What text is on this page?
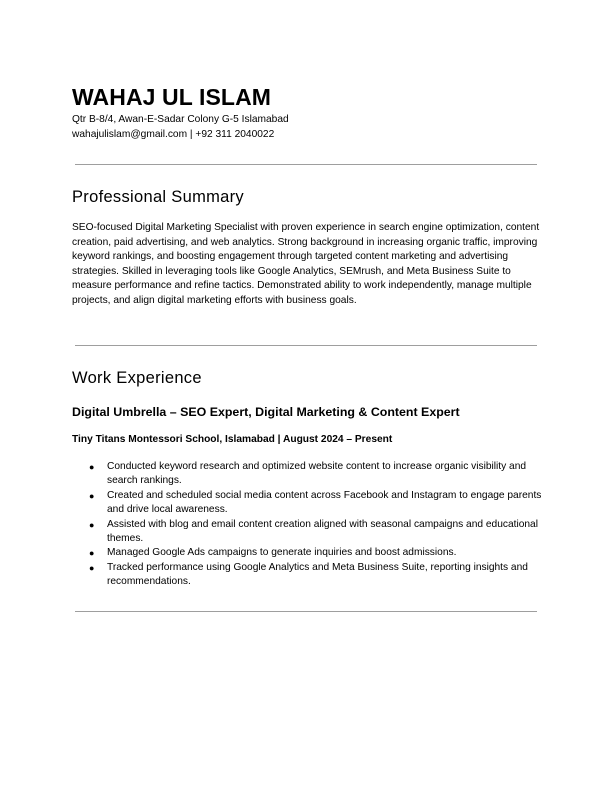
WAHAJ UL ISLAM

Qtr B-8/4, Awan-E-Sadar Colony G-5 Islamabad

wahajulislam@gmail.com | +92 311 2040022

Professional Summary

SEO-focused Digital Marketing Specialist with proven experience in search engine optimization, content creation, paid advertising, and web analytics. Strong background in increasing organic traffic, improving keyword rankings, and boosting engagement through targeted content marketing and advertising strategies. Skilled in leveraging tools like Google Analytics, SEMrush, and Meta Business Suite to measure performance and refine tactics. Demonstrated ability to work independently, manage multiple projects, and align digital marketing efforts with business goals.

Work Experience
Digital Umbrella – SEO Expert, Digital Marketing & Content Expert
Tiny Titans Montessori School, Islamabad | August 2024 – Present
● Conducted keyword research and optimized website content to increase organic visibility and search rankings.
● Created and scheduled social media content across Facebook and Instagram to engage parents and drive local awareness.
● Assisted with blog and email content creation aligned with seasonal campaigns and educational themes.
● Managed Google Ads campaigns to generate inquiries and boost admissions.
● Tracked performance using Google Analytics and Meta Business Suite, reporting insights and recommendations.
